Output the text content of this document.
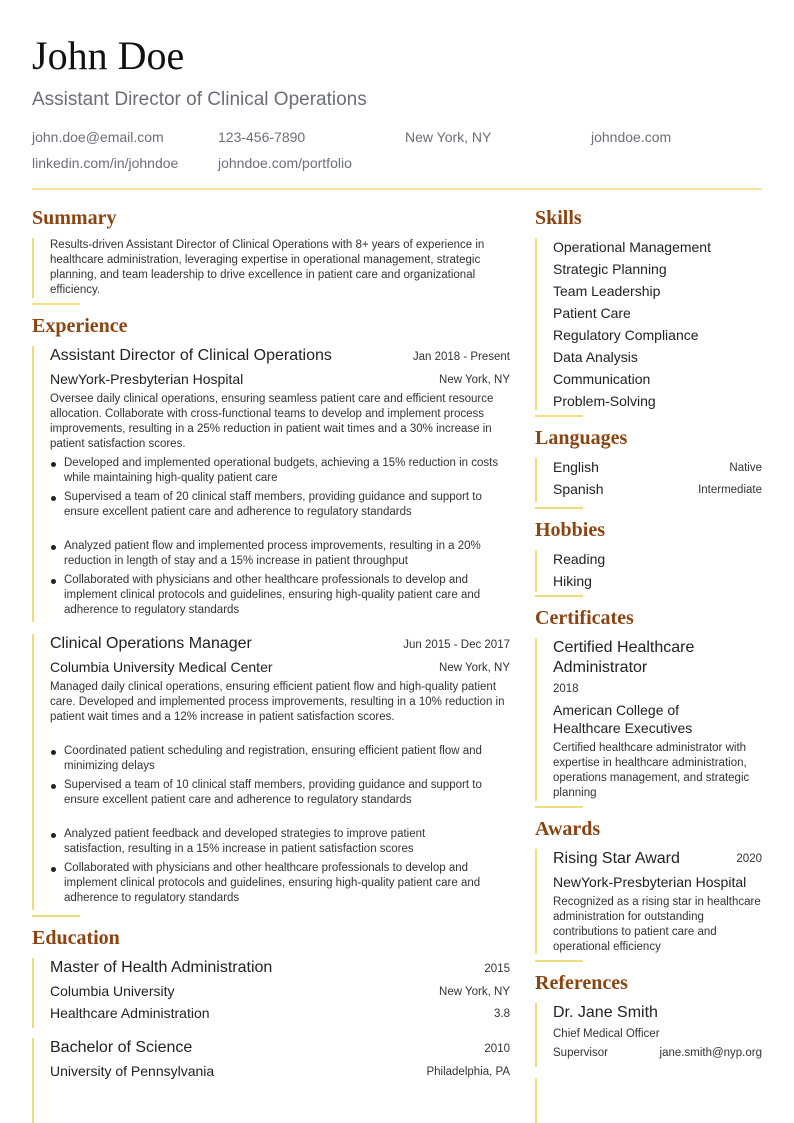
John Doe
Assistant Director of Clinical Operations
john.doe@email.com	123-456-7890	New York, NY	johndoe.com
linkedin.com/in/johndoe	johndoe.com/portfolio
Summary
Results-driven Assistant Director of Clinical Operations with 8+ years of experience in healthcare administration, leveraging expertise in operational management, strategic planning, and team leadership to drive excellence in patient care and organizational efficiency.
Experience
Assistant Director of Clinical Operations	Jan 2018 - Present
NewYork-Presbyterian Hospital	New York, NY
Oversee daily clinical operations, ensuring seamless patient care and efficient resource allocation. Collaborate with cross-functional teams to develop and implement process improvements, resulting in a 25% reduction in patient wait times and a 30% increase in patient satisfaction scores.
Developed and implemented operational budgets, achieving a 15% reduction in costs while maintaining high-quality patient care
Supervised a team of 20 clinical staff members, providing guidance and support to ensure excellent patient care and adherence to regulatory standards
Analyzed patient flow and implemented process improvements, resulting in a 20% reduction in length of stay and a 15% increase in patient throughput
Collaborated with physicians and other healthcare professionals to develop and implement clinical protocols and guidelines, ensuring high-quality patient care and adherence to regulatory standards
Clinical Operations Manager	Jun 2015 - Dec 2017
Columbia University Medical Center	New York, NY
Managed daily clinical operations, ensuring efficient patient flow and high-quality patient care. Developed and implemented process improvements, resulting in a 10% reduction in patient wait times and a 12% increase in patient satisfaction scores.
Coordinated patient scheduling and registration, ensuring efficient patient flow and minimizing delays
Supervised a team of 10 clinical staff members, providing guidance and support to ensure excellent patient care and adherence to regulatory standards
Analyzed patient feedback and developed strategies to improve patient satisfaction, resulting in a 15% increase in patient satisfaction scores
Collaborated with physicians and other healthcare professionals to develop and implement clinical protocols and guidelines, ensuring high-quality patient care and adherence to regulatory standards
Education
Master of Health Administration	2015
Columbia University	New York, NY
Healthcare Administration	3.8
Bachelor of Science	2010
University of Pennsylvania	Philadelphia, PA
Skills
Operational Management
Strategic Planning
Team Leadership
Patient Care
Regulatory Compliance
Data Analysis
Communication
Problem-Solving
Languages
English	Native
Spanish	Intermediate
Hobbies
Reading
Hiking
Certificates
Certified Healthcare
Administrator
2018
American College of
Healthcare Executives
Certified healthcare administrator with expertise in healthcare administration, operations management, and strategic planning
Awards
Rising Star Award	2020
NewYork-Presbyterian Hospital
Recognized as a rising star in healthcare administration for outstanding contributions to patient care and operational efficiency
References
Dr. Jane Smith
Chief Medical Officer
Supervisor	jane.smith@nyp.org
